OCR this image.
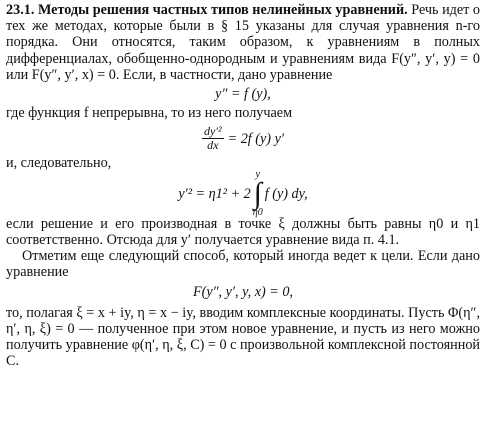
23.1. Методы решения частных типов нелинейных уравнений. Речь идет о тех же методах, которые были в § 15 указаны для случая уравнения n-го порядка. Они относятся, таким образом, к уравнениям в полных дифференциалах, обобщенно-однородным и уравнениям вида F(y″, y′, y) = 0 или F(y″, y′, x) = 0. Если, в частности, дано уравнение

y″ = f (y),

где функция f непрерывна, то из него получаем

$\frac{\text{dy′²}}{dx} = 2f$ (y) y′

и, следовательно,

y′² = η1² + 2
y
∫
η0
f (y) dy,

если решение и его производная в точке ξ должны быть равны η0 и η1 соответственно. Отсюда для y′ получается уравнение вида п. 4.1.

Отметим еще следующий способ, который иногда ведет к цели. Если дано уравнение

F(y″, y′, y, x) = 0,

то, полагая ξ = x + iy, η = x − iy, вводим комплексные координаты. Пусть Φ(η″, η′, η, ξ) = 0 — полученное при этом новое уравнение, и пусть из него можно получить уравнение φ(η′, η, ξ, C) = 0 с произвольной комплексной постоянной C.
